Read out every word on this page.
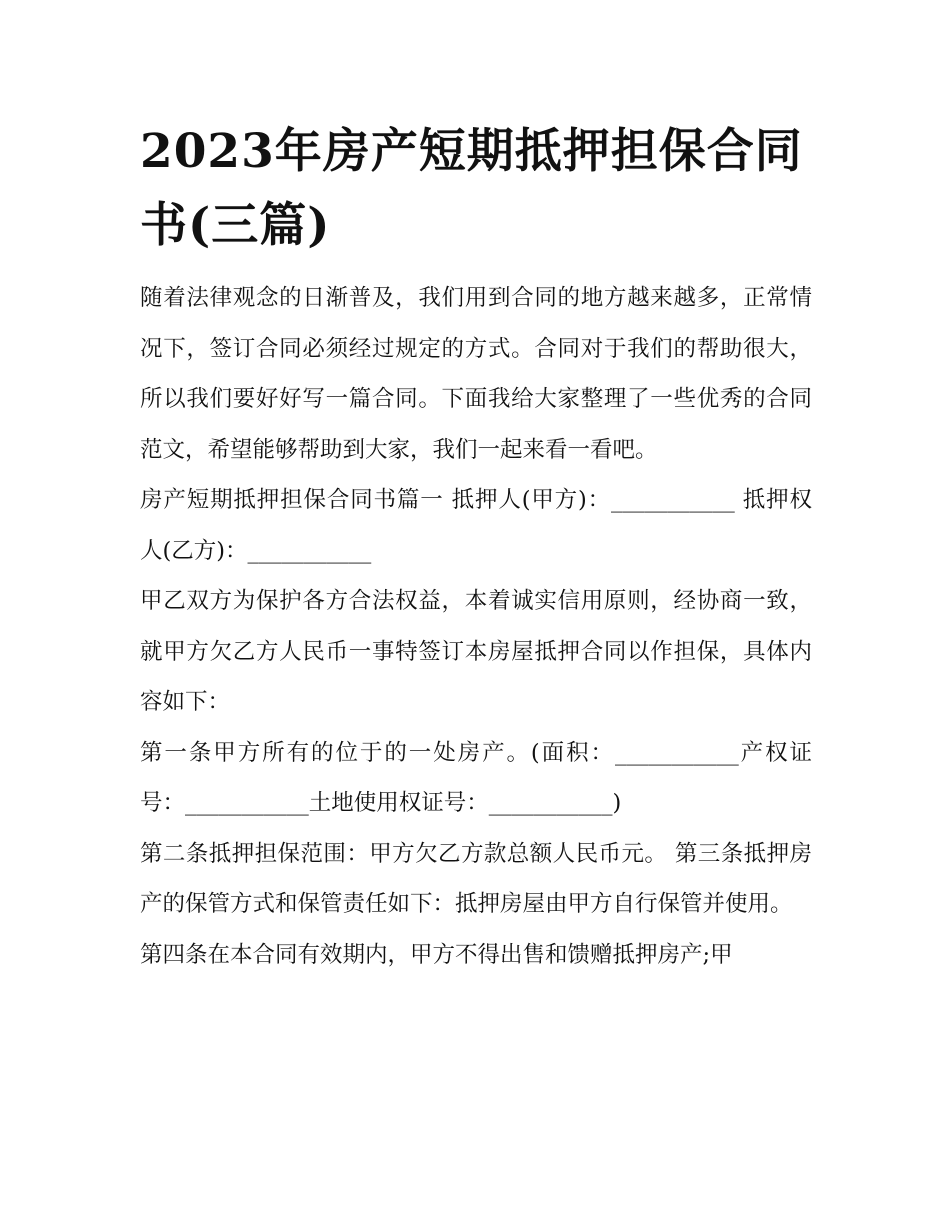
2023年房产短期抵押担保合同书(三篇)

随着法律观念的日渐普及，我们用到合同的地方越来越多，正常情况下，签订合同必须经过规定的方式。合同对于我们的帮助很大，所以我们要好好写一篇合同。下面我给大家整理了一些优秀的合同范文，希望能够帮助到大家，我们一起来看一看吧。

房产短期抵押担保合同书篇一 抵押人(甲方)：___________ 抵押权人(乙方)：___________

甲乙双方为保护各方合法权益，本着诚实信用原则，经协商一致，就甲方欠乙方人民币一事特签订本房屋抵押合同以作担保，具体内容如下：

第一条甲方所有的位于的一处房产。(面积：___________产权证号：___________土地使用权证号：___________)

第二条抵押担保范围：甲方欠乙方款总额人民币元。 第三条抵押房产的保管方式和保管责任如下：抵押房屋由甲方自行保管并使用。

第四条在本合同有效期内，甲方不得出售和馈赠抵押房产;甲
